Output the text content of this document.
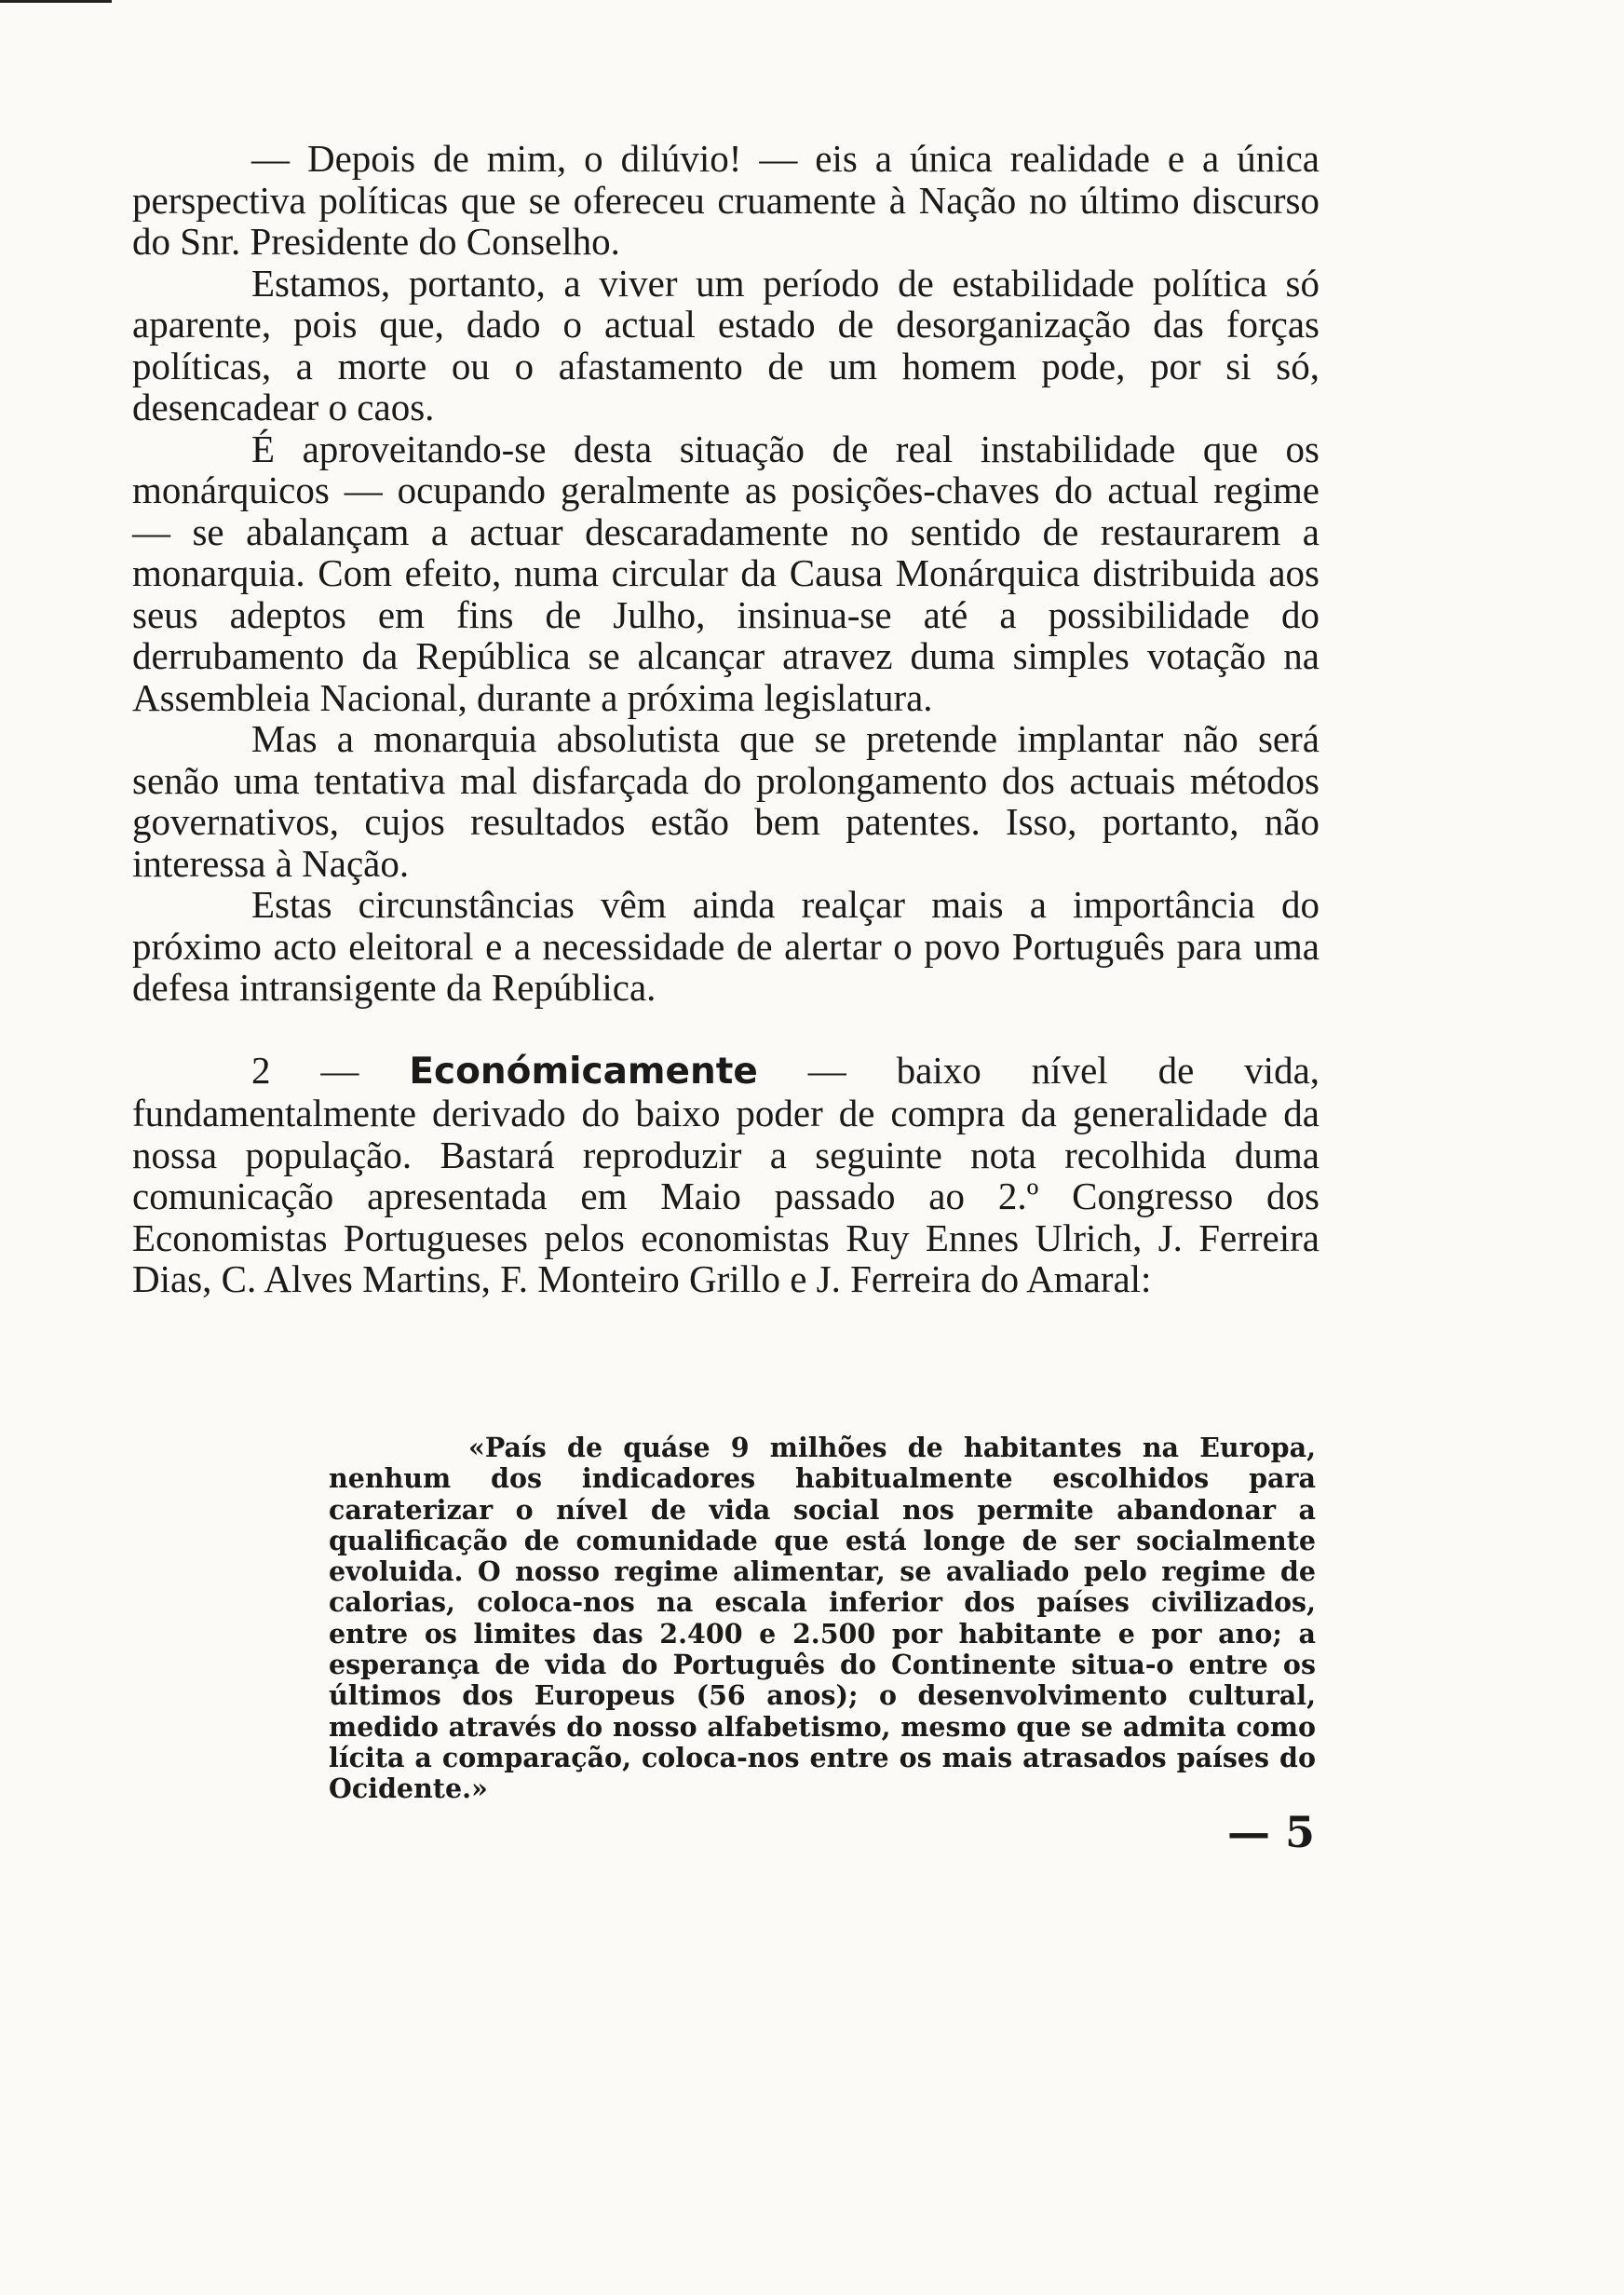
— Depois de mim, o dilúvio! — eis a única realidade e a única perspectiva políticas que se ofereceu cruamente à Nação no último discurso do Snr. Presidente do Conselho.

Estamos, portanto, a viver um período de estabilidade política só aparente, pois que, dado o actual estado de desorganização das forças políticas, a morte ou o afastamento de um homem pode, por si só, desencadear o caos.

É aproveitando-se desta situação de real instabilidade que os monárquicos — ocupando geralmente as posições-chaves do actual regime — se abalançam a actuar descaradamente no sentido de restaurarem a monarquia. Com efeito, numa circular da Causa Monárquica distribuida aos seus adeptos em fins de Julho, insinua-se até a possibilidade do derrubamento da República se alcançar atravez duma simples votação na Assembleia Nacional, durante a próxima legislatura.

Mas a monarquia absolutista que se pretende implantar não será senão uma tentativa mal disfarçada do prolongamento dos actuais métodos governativos, cujos resultados estão bem patentes. Isso, portanto, não interessa à Nação.

Estas circunstâncias vêm ainda realçar mais a importância do próximo acto eleitoral e a necessidade de alertar o povo Português para uma defesa intransigente da República.

2 — Económicamente — baixo nível de vida, fundamentalmente derivado do baixo poder de compra da generalidade da nossa população. Bastará reproduzir a seguinte nota recolhida duma comunicação apresentada em Maio passado ao 2.º Congresso dos Economistas Portugueses pelos economistas Ruy Ennes Ulrich, J. Ferreira Dias, C. Alves Martins, F. Monteiro Grillo e J. Ferreira do Amaral:

«País de quáse 9 milhões de habitantes na Europa, nenhum dos indicadores habitualmente escolhidos para caraterizar o nível de vida social nos permite abandonar a qualificação de comunidade que está longe de ser socialmente evoluida. O nosso regime alimentar, se avaliado pelo regime de calorias, coloca-nos na escala inferior dos países civilizados, entre os limites das 2.400 e 2.500 por habitante e por ano; a esperança de vida do Português do Continente situa-o entre os últimos dos Europeus (56 anos); o desenvolvimento cultural, medido através do nosso alfabetismo, mesmo que se admita como lícita a comparação, coloca-nos entre os mais atrasados países do Ocidente.»

— 5
